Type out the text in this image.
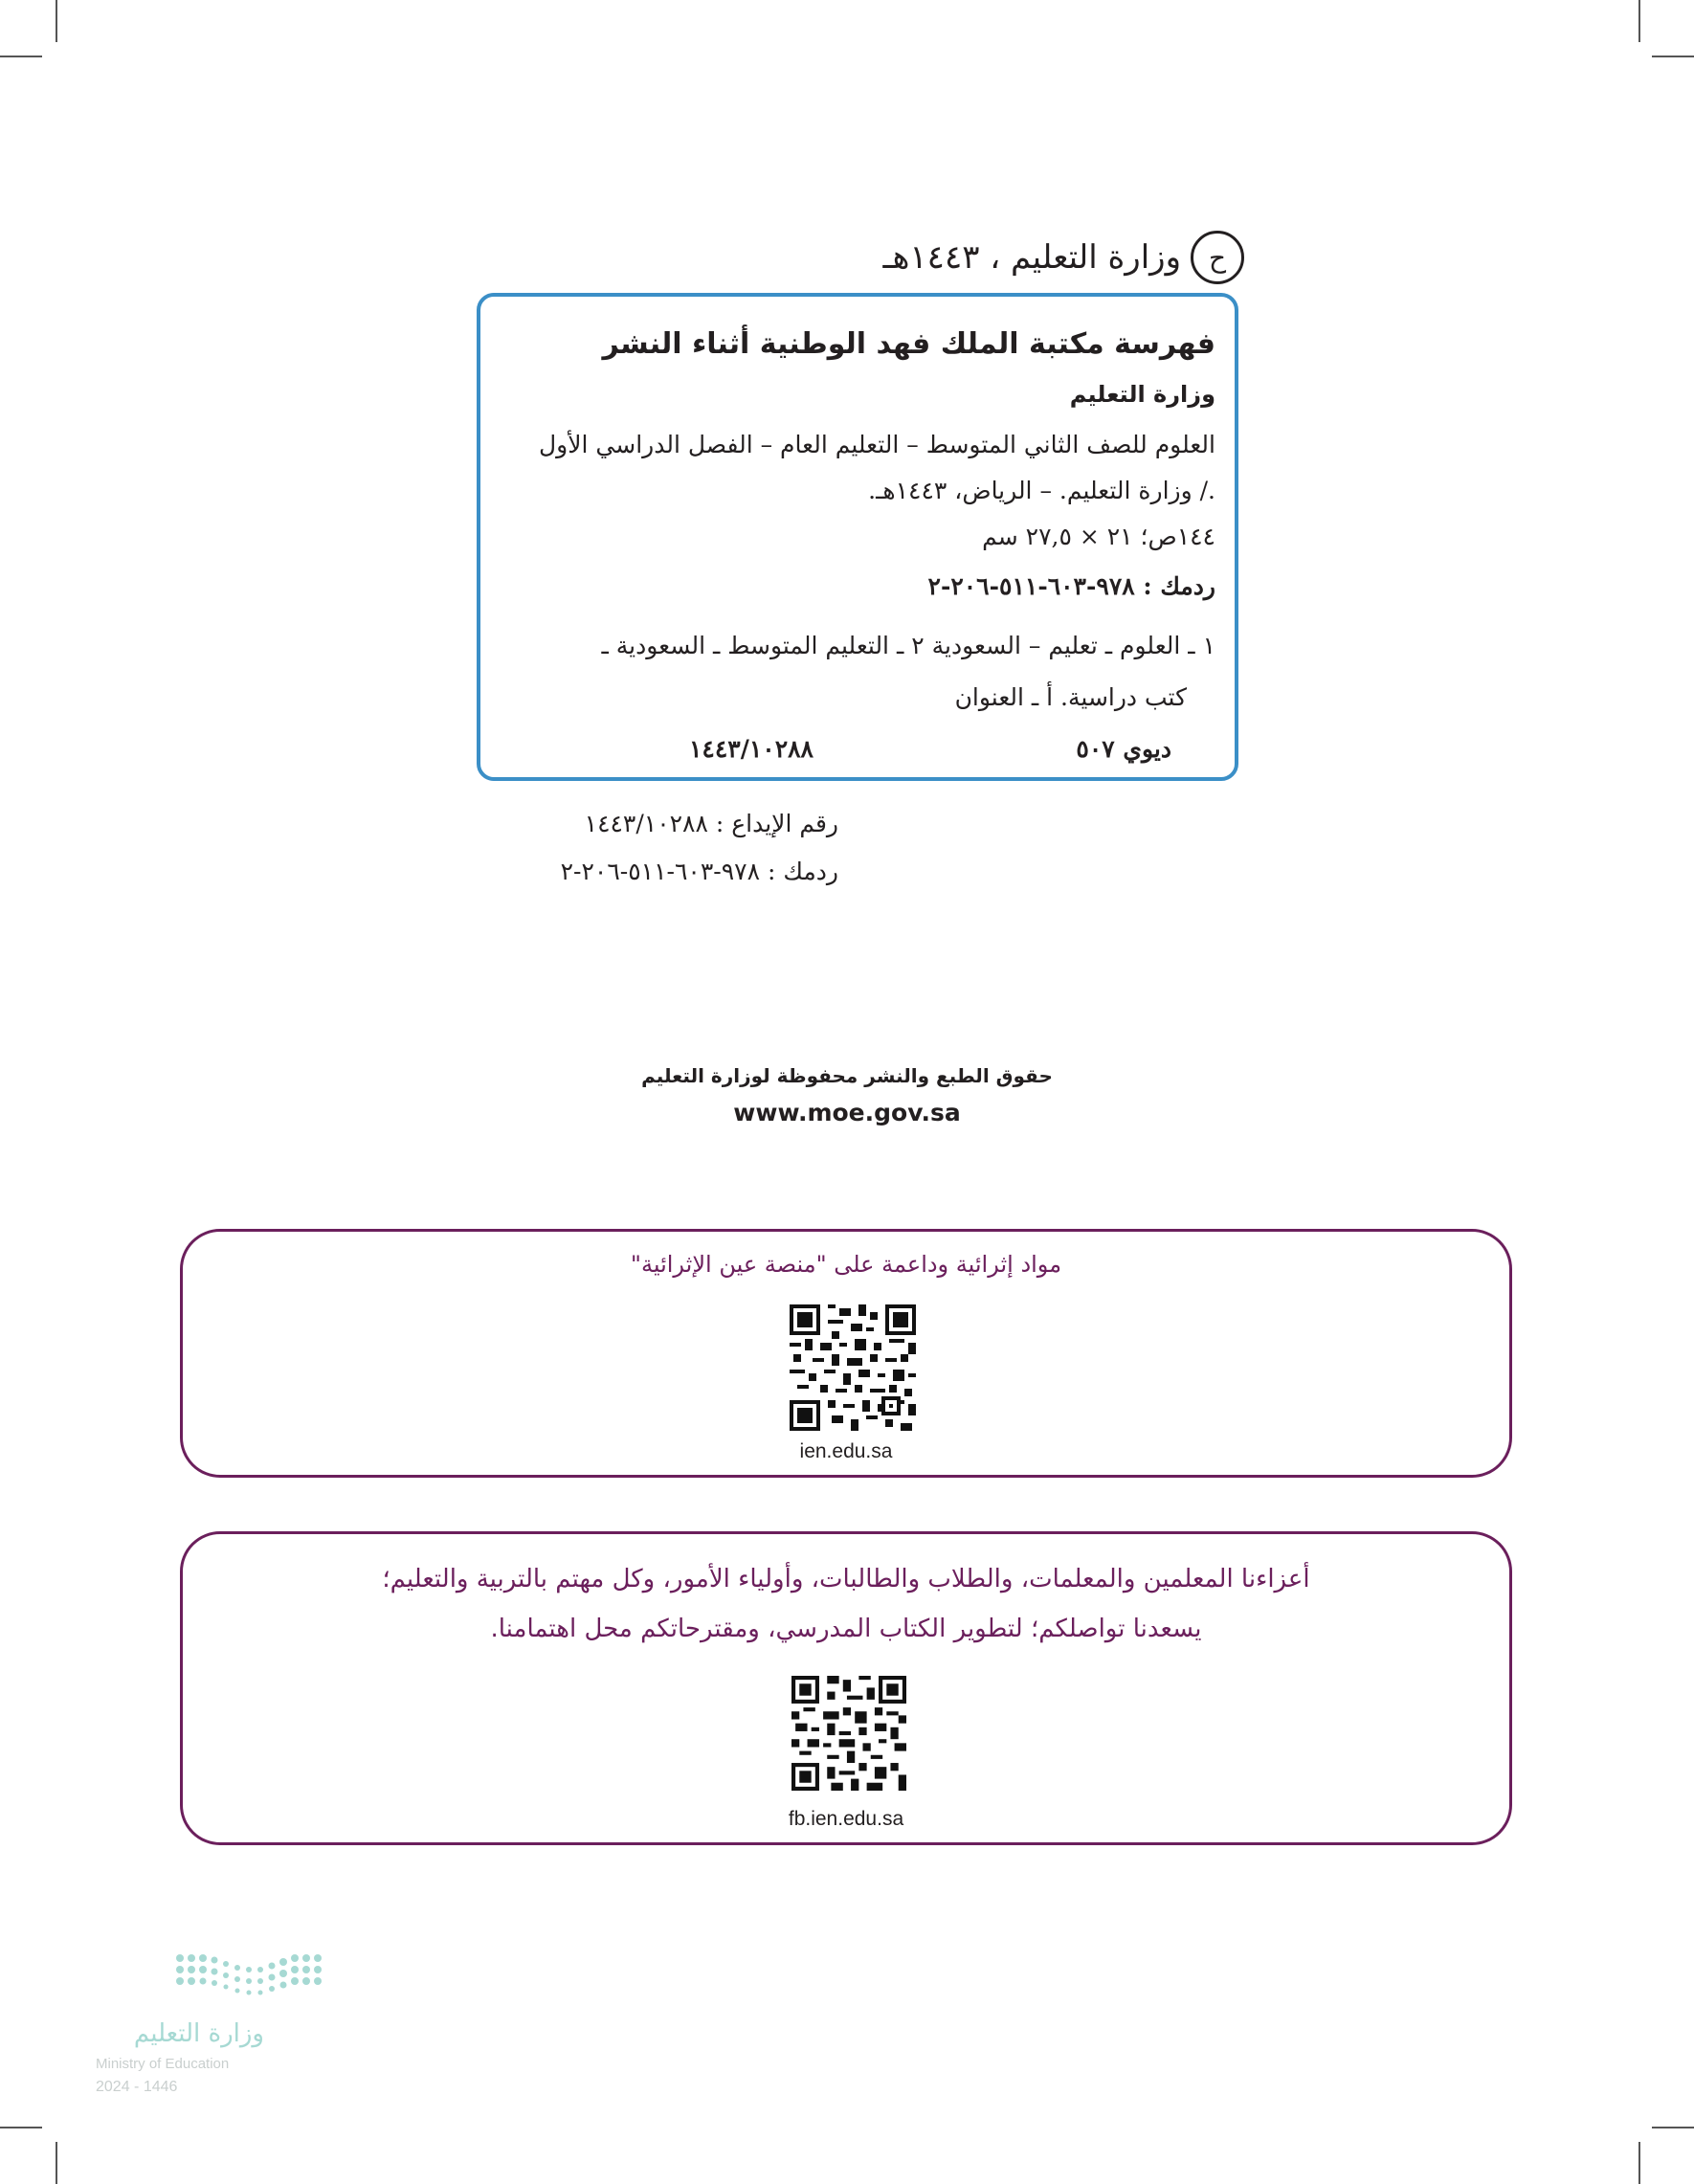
وزارة التعليم ، ١٤٤٣هـ	ح
فهرسة مكتبة الملك فهد الوطنية أثناء النشر
وزارة التعليم
العلوم للصف الثاني المتوسط – التعليم العام – الفصل الدراسي الأول
./ وزارة التعليم. – الرياض، ١٤٤٣هـ.
١٤٤ص؛ ٢١ × ٢٧,٥ سم
ردمك : ٩٧٨-٦٠٣-٥١١-٢٠٦-٢
١ ـ العلوم ـ تعليم – السعودية ٢ ـ التعليم المتوسط ـ السعودية ـ
كتب دراسية. أ ـ العنوان
ديوي ٥٠٧
١٤٤٣/١٠٢٨٨
رقم الإيداع : ١٤٤٣/١٠٢٨٨
ردمك : ٩٧٨-٦٠٣-٥١١-٢٠٦-٢
حقوق الطبع والنشر محفوظة لوزارة التعليم
www.moe.gov.sa
مواد إثرائية وداعمة على "منصة عين الإثرائية"
ien.edu.sa
أعزاءنا المعلمين والمعلمات، والطلاب والطالبات، وأولياء الأمور، وكل مهتم بالتربية والتعليم؛
يسعدنا تواصلكم؛ لتطوير الكتاب المدرسي، ومقترحاتكم محل اهتمامنا.
fb.ien.edu.sa
وزارة التعليم
Ministry of Education
2024 - 1446
